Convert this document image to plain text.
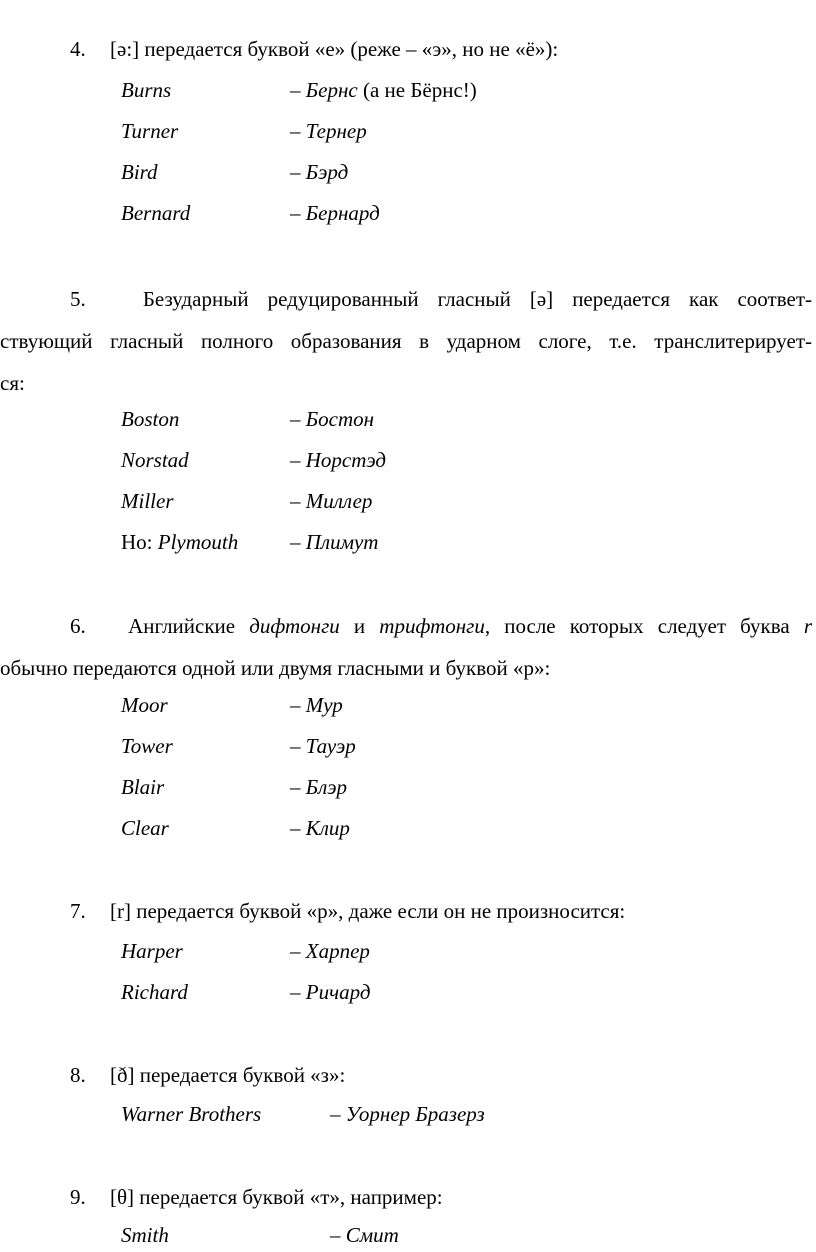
4. [ə:] передается буквой «е» (реже – «э», но не «ё»):
Burns	– Бернс (а не Бёрнс!)
Turner	– Тернер
Bird	– Бэрд
Bernard	– Бернард
5.	Безударный редуцированный гласный [ə] передается как соответ-
ствующий гласный полного образования в ударном слоге, т.е. транслитерирует-
ся:
Boston	– Бостон
Norstad	– Норстэд
Miller	– Миллер
Но: Plymouth – Плимут
6. Английские дифтонги и трифтонги, после которых следует буква r
обычно передаются одной или двумя гласными и буквой «р»:
Moor	– Мур
Tower	– Тауэр
Blair	– Блэр
Clear	– Клир
7. [r] передается буквой «р», даже если он не произносится:
Harper	– Харпер
Richard	– Ричард
8. [ð] передается буквой «з»:
Warner Brothers	– Уорнер Бразерз
9. [θ] передается буквой «т», например:
Smith	– Смит
